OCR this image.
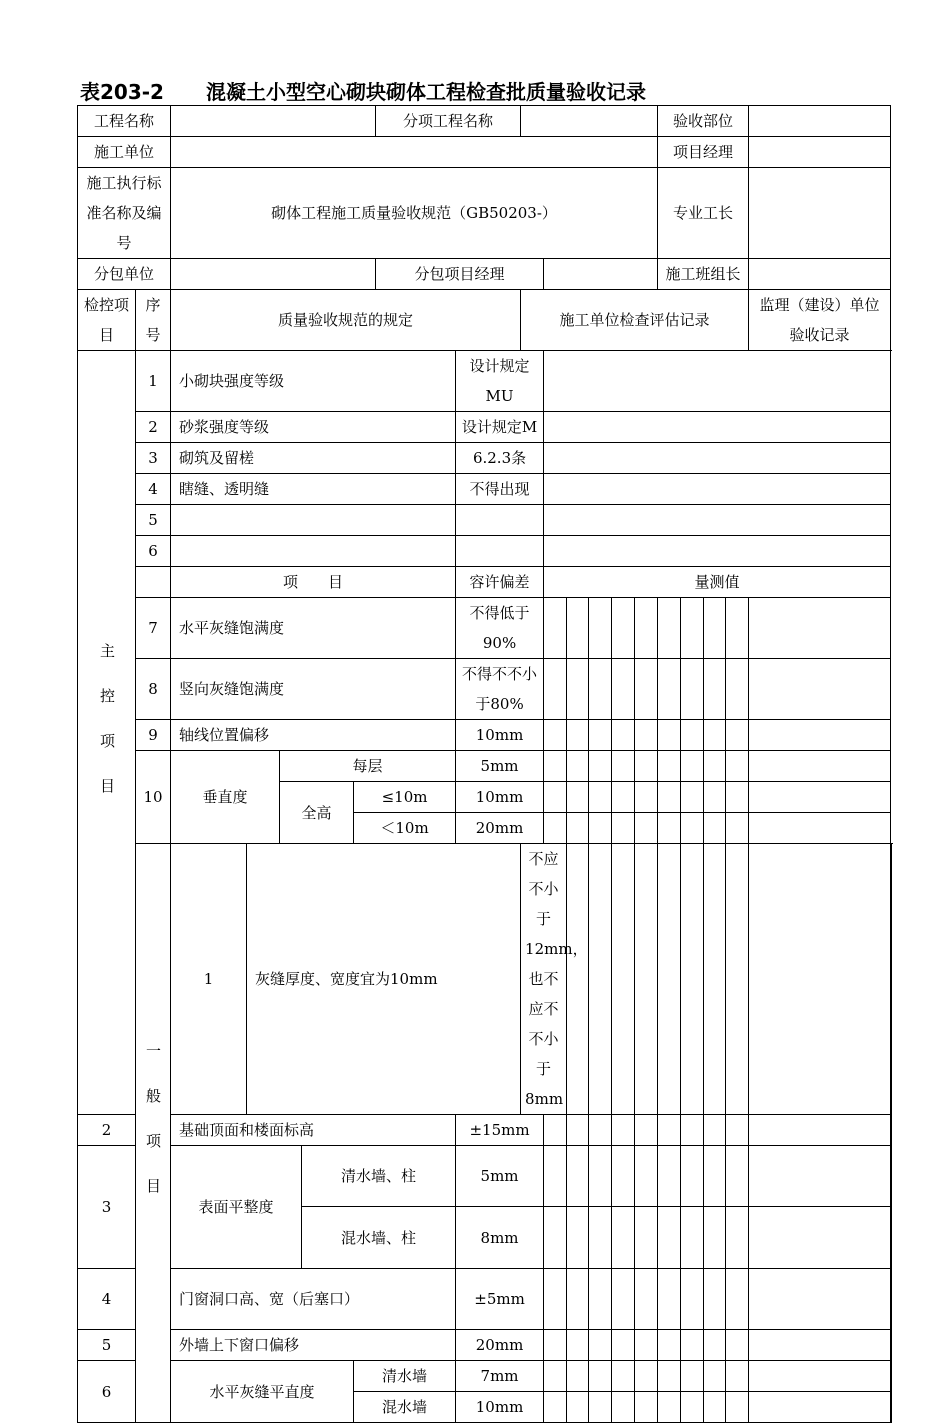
表203-2	混凝土小型空心砌块砌体工程检查批质量验收记录
工程名称							分项工程名称								验收部位					
施工单位															项目经理					
施工执行标准名称及编号		砌体工程施工质量验收规范（GB50203-）													专业工长					
分包单位							分包项目经理								施工班组长					
检控项目	序号	质量验收规范的规定							施工单位检查评估记录										监理（建设）单位验收记录	
主控项目	1	小砌块强度等级						设计规定MU												
	2	砂浆强度等级						设计规定M												
	3	砌筑及留槎						6.2.3条												
	4	瞎缝、透明缝						不得出现												
	5																			
	6																			
		项　　目						容许偏差		量测值										
	7	水平灰缝饱满度						不得低于90%												
	8	竖向灰缝饱满度						不得不不小于80%												
	9	轴线位置偏移						10mm												
	10	垂直度		每层				5mm												
				全高		≤10m		10mm												
						＜10m		20mm												
	一般项目	1	灰缝厚度、宽度宜为10mm						不应不小于12mm，也不应不不小于8mm											
2		基础顶面和楼面标高						±15mm												
3		表面平整度			清水墙、柱			5mm												
					混水墙、柱			8mm												
4		门窗洞口高、宽（后塞口）						±5mm												
5		外墙上下窗口偏移						20mm												
6		水平灰缝平直度				清水墙		7mm												
						混水墙		10mm												
